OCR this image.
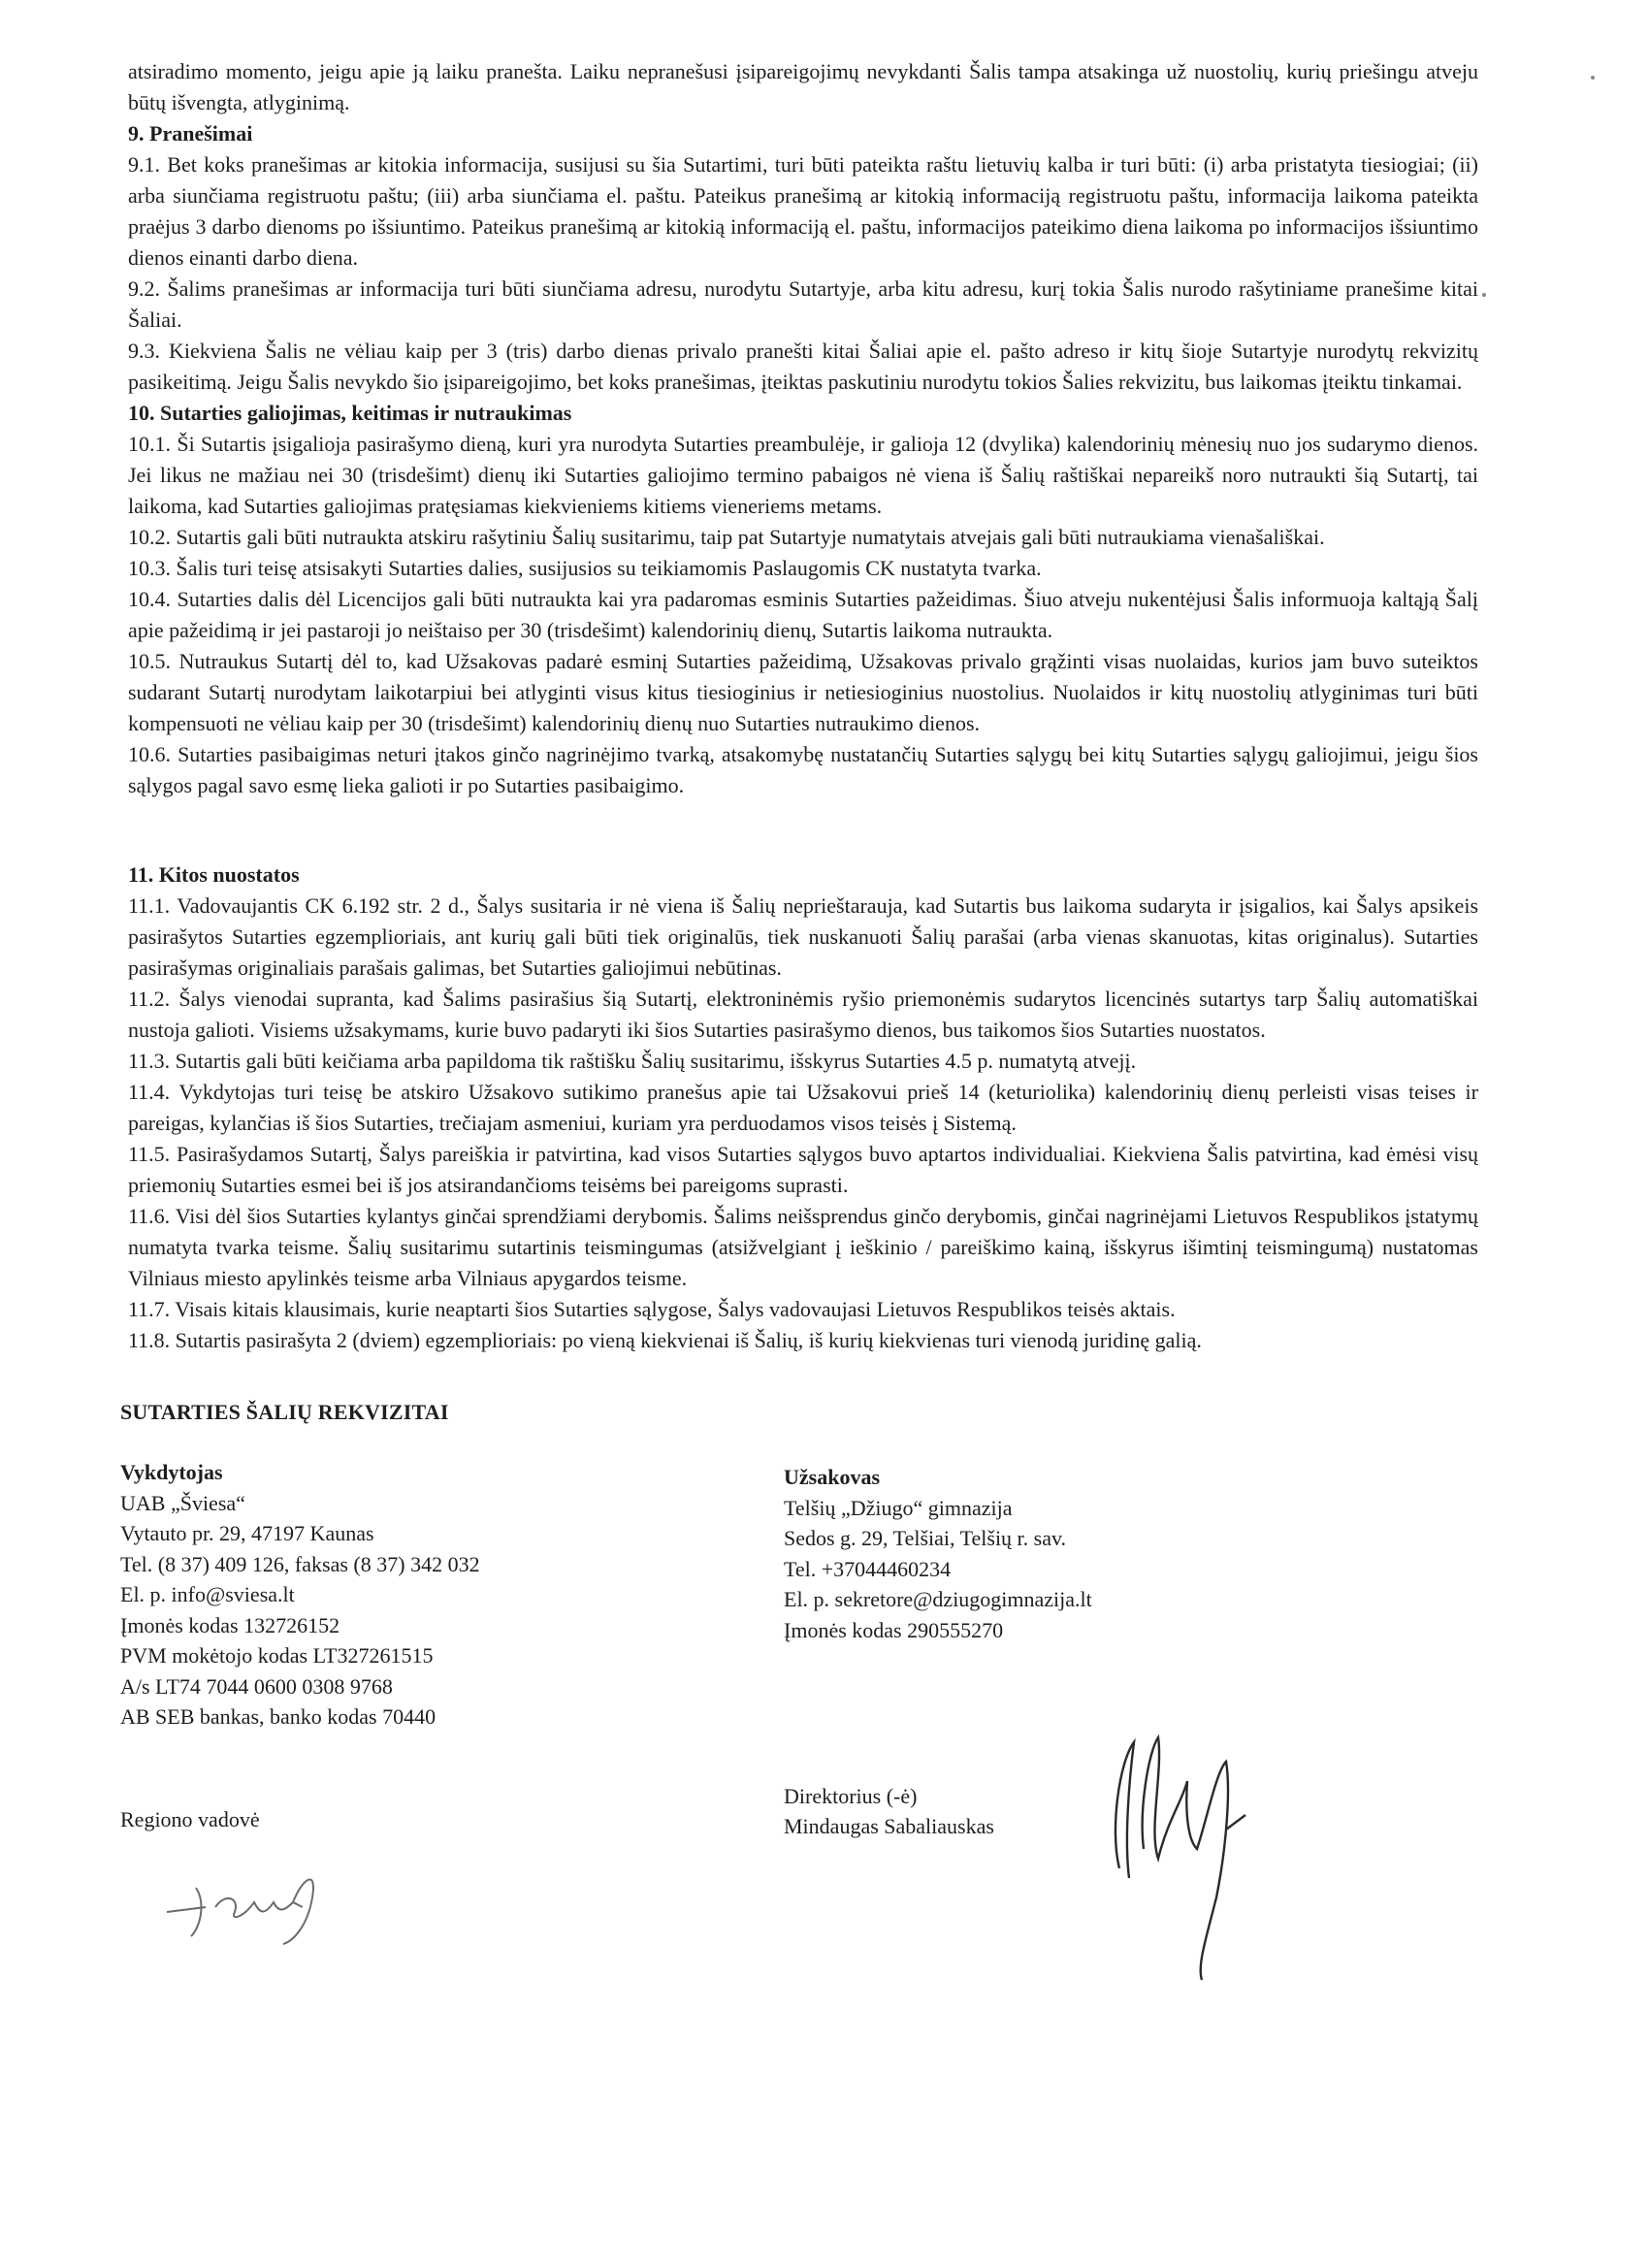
atsiradimo momento, jeigu apie ją laiku pranešta. Laiku nepranešusi įsipareigojimų nevykdanti Šalis tampa atsakinga už nuostolių, kurių priešingu atveju būtų išvengta, atlyginimą.

9. Pranešimai

9.1. Bet koks pranešimas ar kitokia informacija, susijusi su šia Sutartimi, turi būti pateikta raštu lietuvių kalba ir turi būti: (i) arba pristatyta tiesiogiai; (ii) arba siunčiama registruotu paštu; (iii) arba siunčiama el. paštu. Pateikus pranešimą ar kitokią informaciją registruotu paštu, informacija laikoma pateikta praėjus 3 darbo dienoms po išsiuntimo. Pateikus pranešimą ar kitokią informaciją el. paštu, informacijos pateikimo diena laikoma po informacijos išsiuntimo dienos einanti darbo diena.

9.2. Šalims pranešimas ar informacija turi būti siunčiama adresu, nurodytu Sutartyje, arba kitu adresu, kurį tokia Šalis nurodo rašytiniame pranešime kitai Šaliai.

9.3. Kiekviena Šalis ne vėliau kaip per 3 (tris) darbo dienas privalo pranešti kitai Šaliai apie el. pašto adreso ir kitų šioje Sutartyje nurodytų rekvizitų pasikeitimą. Jeigu Šalis nevykdo šio įsipareigojimo, bet koks pranešimas, įteiktas paskutiniu nurodytu tokios Šalies rekvizitu, bus laikomas įteiktu tinkamai.

10. Sutarties galiojimas, keitimas ir nutraukimas

10.1. Ši Sutartis įsigalioja pasirašymo dieną, kuri yra nurodyta Sutarties preambulėje, ir galioja 12 (dvylika) kalendorinių mėnesių nuo jos sudarymo dienos. Jei likus ne mažiau nei 30 (trisdešimt) dienų iki Sutarties galiojimo termino pabaigos nė viena iš Šalių raštiškai nepareikš noro nutraukti šią Sutartį, tai laikoma, kad Sutarties galiojimas pratęsiamas kiekvieniems kitiems vieneriems metams.

10.2. Sutartis gali būti nutraukta atskiru rašytiniu Šalių susitarimu, taip pat Sutartyje numatytais atvejais gali būti nutraukiama vienašališkai.

10.3. Šalis turi teisę atsisakyti Sutarties dalies, susijusios su teikiamomis Paslaugomis CK nustatyta tvarka.

10.4. Sutarties dalis dėl Licencijos gali būti nutraukta kai yra padaromas esminis Sutarties pažeidimas. Šiuo atveju nukentėjusi Šalis informuoja kaltąją Šalį apie pažeidimą ir jei pastaroji jo neištaiso per 30 (trisdešimt) kalendorinių dienų, Sutartis laikoma nutraukta.

10.5. Nutraukus Sutartį dėl to, kad Užsakovas padarė esminį Sutarties pažeidimą, Užsakovas privalo grąžinti visas nuolaidas, kurios jam buvo suteiktos sudarant Sutartį nurodytam laikotarpiui bei atlyginti visus kitus tiesioginius ir netiesioginius nuostolius. Nuolaidos ir kitų nuostolių atlyginimas turi būti kompensuoti ne vėliau kaip per 30 (trisdešimt) kalendorinių dienų nuo Sutarties nutraukimo dienos.

10.6. Sutarties pasibaigimas neturi įtakos ginčo nagrinėjimo tvarką, atsakomybę nustatančių Sutarties sąlygų bei kitų Sutarties sąlygų galiojimui, jeigu šios sąlygos pagal savo esmę lieka galioti ir po Sutarties pasibaigimo.

11. Kitos nuostatos

11.1. Vadovaujantis CK 6.192 str. 2 d., Šalys susitaria ir nė viena iš Šalių neprieštarauja, kad Sutartis bus laikoma sudaryta ir įsigalios, kai Šalys apsikeis pasirašytos Sutarties egzemplioriais, ant kurių gali būti tiek originalūs, tiek nuskanuoti Šalių parašai (arba vienas skanuotas, kitas originalus). Sutarties pasirašymas originaliais parašais galimas, bet Sutarties galiojimui nebūtinas.

11.2. Šalys vienodai supranta, kad Šalims pasirašius šią Sutartį, elektroninėmis ryšio priemonėmis sudarytos licencinės sutartys tarp Šalių automatiškai nustoja galioti. Visiems užsakymams, kurie buvo padaryti iki šios Sutarties pasirašymo dienos, bus taikomos šios Sutarties nuostatos.

11.3. Sutartis gali būti keičiama arba papildoma tik raštišku Šalių susitarimu, išskyrus Sutarties 4.5 p. numatytą atvejį.

11.4. Vykdytojas turi teisę be atskiro Užsakovo sutikimo pranešus apie tai Užsakovui prieš 14 (keturiolika) kalendorinių dienų perleisti visas teises ir pareigas, kylančias iš šios Sutarties, trečiajam asmeniui, kuriam yra perduodamos visos teisės į Sistemą.

11.5. Pasirašydamos Sutartį, Šalys pareiškia ir patvirtina, kad visos Sutarties sąlygos buvo aptartos individualiai. Kiekviena Šalis patvirtina, kad ėmėsi visų priemonių Sutarties esmei bei iš jos atsirandančioms teisėms bei pareigoms suprasti.

11.6. Visi dėl šios Sutarties kylantys ginčai sprendžiami derybomis. Šalims neišsprendus ginčo derybomis, ginčai nagrinėjami Lietuvos Respublikos įstatymų numatyta tvarka teisme. Šalių susitarimu sutartinis teismingumas (atsižvelgiant į ieškinio / pareiškimo kainą, išskyrus išimtinį teismingumą) nustatomas Vilniaus miesto apylinkės teisme arba Vilniaus apygardos teisme.

11.7. Visais kitais klausimais, kurie neaptarti šios Sutarties sąlygose, Šalys vadovaujasi Lietuvos Respublikos teisės aktais.

11.8. Sutartis pasirašyta 2 (dviem) egzemplioriais: po vieną kiekvienai iš Šalių, iš kurių kiekvienas turi vienodą juridinę galią.

SUTARTIES ŠALIŲ REKVIZITAI
Vykdytojas
UAB „Šviesa“
Vytauto pr. 29, 47197 Kaunas
Tel. (8 37) 409 126, faksas (8 37) 342 032
El. p. info@sviesa.lt
Įmonės kodas 132726152
PVM mokėtojo kodas LT327261515
A/s LT74 7044 0600 0308 9768
AB SEB bankas, banko kodas 70440
Užsakovas
Telšių „Džiugo“ gimnazija
Sedos g. 29, Telšiai, Telšių r. sav.
Tel. +37044460234
El. p. sekretore@dziugogimnazija.lt
Įmonės kodas 290555270
Regiono vadovė
Direktorius (-ė)
Mindaugas Sabaliauskas
